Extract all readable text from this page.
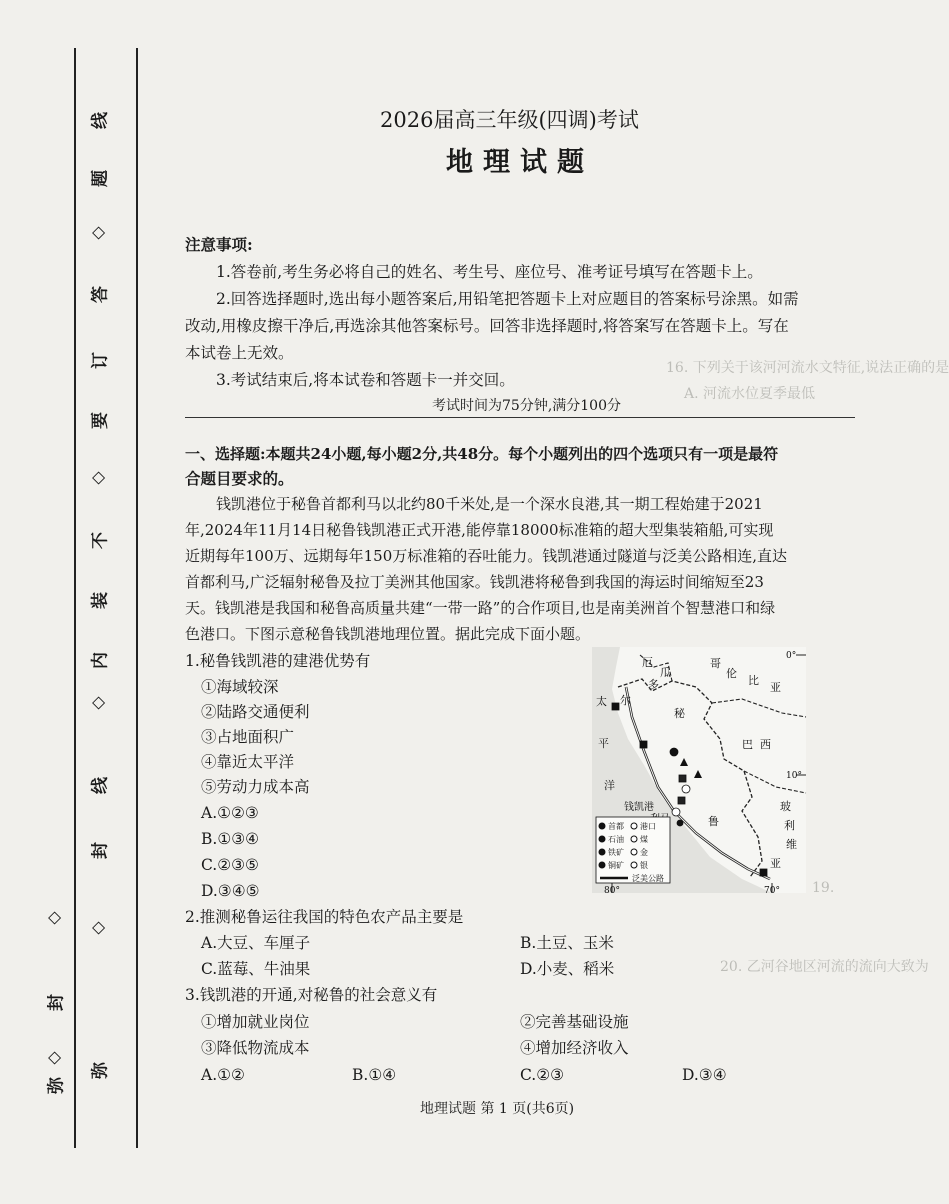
16. 下列关于该河河流水文特征,说法正确的是
A. 河流水位夏季最低
19.
20. 乙河谷地区河流的流向大致为
线
题
◇
答
订
要
◇
不
装
内
◇
线
封
◇
弥
◇
封
◇
弥
2026届高三年级(四调)考试
地理试题
注意事项:
1.答卷前,考生务必将自己的姓名、考生号、座位号、准考证号填写在答题卡上。
2.回答选择题时,选出每小题答案后,用铅笔把答题卡上对应题目的答案标号涂黑。如需
改动,用橡皮擦干净后,再选涂其他答案标号。回答非选择题时,将答案写在答题卡上。写在
本试卷上无效。
3.考试结束后,将本试卷和答题卡一并交回。
考试时间为75分钟,满分100分
一、选择题:本题共24小题,每小题2分,共48分。每个小题列出的四个选项只有一项是最符
合题目要求的。
钱凯港位于秘鲁首都利马以北约80千米处,是一个深水良港,其一期工程始建于2021
年,2024年11月14日秘鲁钱凯港正式开港,能停靠18000标准箱的超大型集装箱船,可实现
近期每年100万、远期每年150万标准箱的吞吐能力。钱凯港通过隧道与泛美公路相连,直达
首都利马,广泛辐射秘鲁及拉丁美洲其他国家。钱凯港将秘鲁到我国的海运时间缩短至23
天。钱凯港是我国和秘鲁高质量共建“一带一路”的合作项目,也是南美洲首个智慧港口和绿
色港口。下图示意秘鲁钱凯港地理位置。据此完成下面小题。
1.秘鲁钱凯港的建港优势有
①海域较深
②陆路交通便利
③占地面积广
④靠近太平洋
⑤劳动力成本高
A.①②③
B.①③④
C.②③⑤
D.③④⑤
2.推测秘鲁运往我国的特色农产品主要是
A.大豆、车厘子	B.土豆、玉米
C.蓝莓、牛油果	D.小麦、稻米
3.钱凯港的开通,对秘鲁的社会意义有
①增加就业岗位	②完善基础设施
③降低物流成本	④增加经济收入
A.①②	B.①④	C.②③	D.③④
地理试题 第 1 页(共6页)
厄
瓜
多
尔
哥
伦
比
亚
秘
鲁
巴 西
玻
利
维
亚
太
平
洋
钱凯港
0°
10°
80°	70°
首都 港口
石油 煤
铁矿 金
铜矿 银
泛美公路
